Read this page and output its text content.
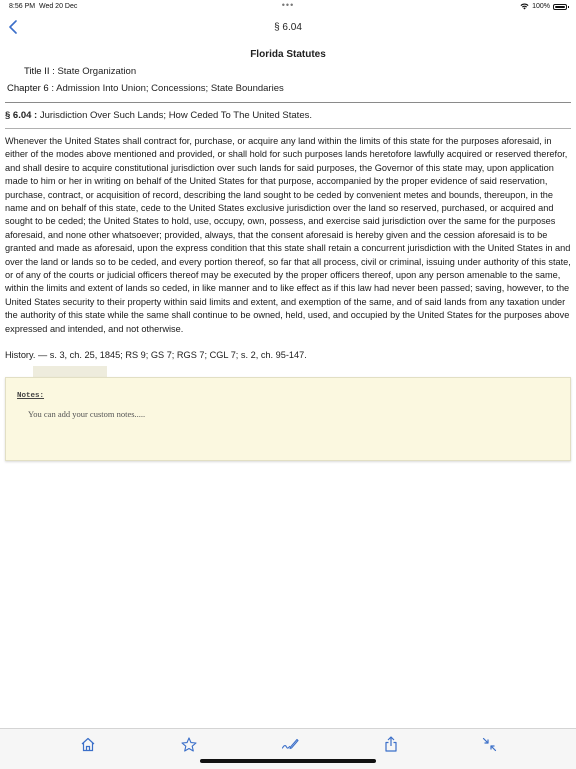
8:56 PM Wed 20 Dec	•••	100%
§ 6.04
Florida Statutes
Title II : State Organization
Chapter 6 : Admission Into Union; Concessions; State Boundaries
§ 6.04 : Jurisdiction Over Such Lands; How Ceded To The United States.

Whenever the United States shall contract for, purchase, or acquire any land within the limits of this state for the purposes aforesaid, in either of the modes above mentioned and provided, or shall hold for such purposes lands heretofore lawfully acquired or reserved therefor, and shall desire to acquire constitutional jurisdiction over such lands for said purposes, the Governor of this state may, upon application made to him or her in writing on behalf of the United States for that purpose, accompanied by the proper evidence of said reservation, purchase, contract, or acquisition of record, describing the land sought to be ceded by convenient metes and bounds, thereupon, in the name and on behalf of this state, cede to the United States exclusive jurisdiction over the land so reserved, purchased, or acquired and sought to be ceded; the United States to hold, use, occupy, own, possess, and exercise said jurisdiction over the same for the purposes aforesaid, and none other whatsoever; provided, always, that the consent aforesaid is hereby given and the cession aforesaid is to be granted and made as aforesaid, upon the express condition that this state shall retain a concurrent jurisdiction with the United States in and over the land or lands so to be ceded, and every portion thereof, so far that all process, civil or criminal, issuing under authority of this state, or of any of the courts or judicial officers thereof may be executed by the proper officers thereof, upon any person amenable to the same, within the limits and extent of lands so ceded, in like manner and to like effect as if this law had never been passed; saving, however, to the United States security to their property within said limits and extent, and exemption of the same, and of said lands from any taxation under the authority of this state while the same shall continue to be owned, held, used, and occupied by the United States for the purposes above expressed and intended, and not otherwise.

History. — s. 3, ch. 25, 1845; RS 9; GS 7; RGS 7; CGL 7; s. 2, ch. 95-147.
Notes:
You can add your custom notes.....
